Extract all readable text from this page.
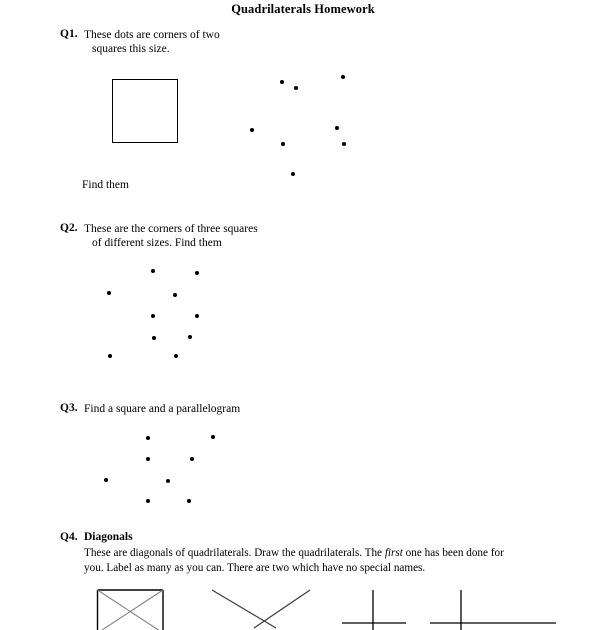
Quadrilaterals Homework
Q1. These dots are corners of two
squares this size.
Find them
Q2. These are the corners of three squares
of different sizes. Find them
Q3. Find a square and a parallelogram
Q4. Diagonals
These are diagonals of quadrilaterals. Draw the quadrilaterals. The first one has been done for
you. Label as many as you can. There are two which have no special names.
